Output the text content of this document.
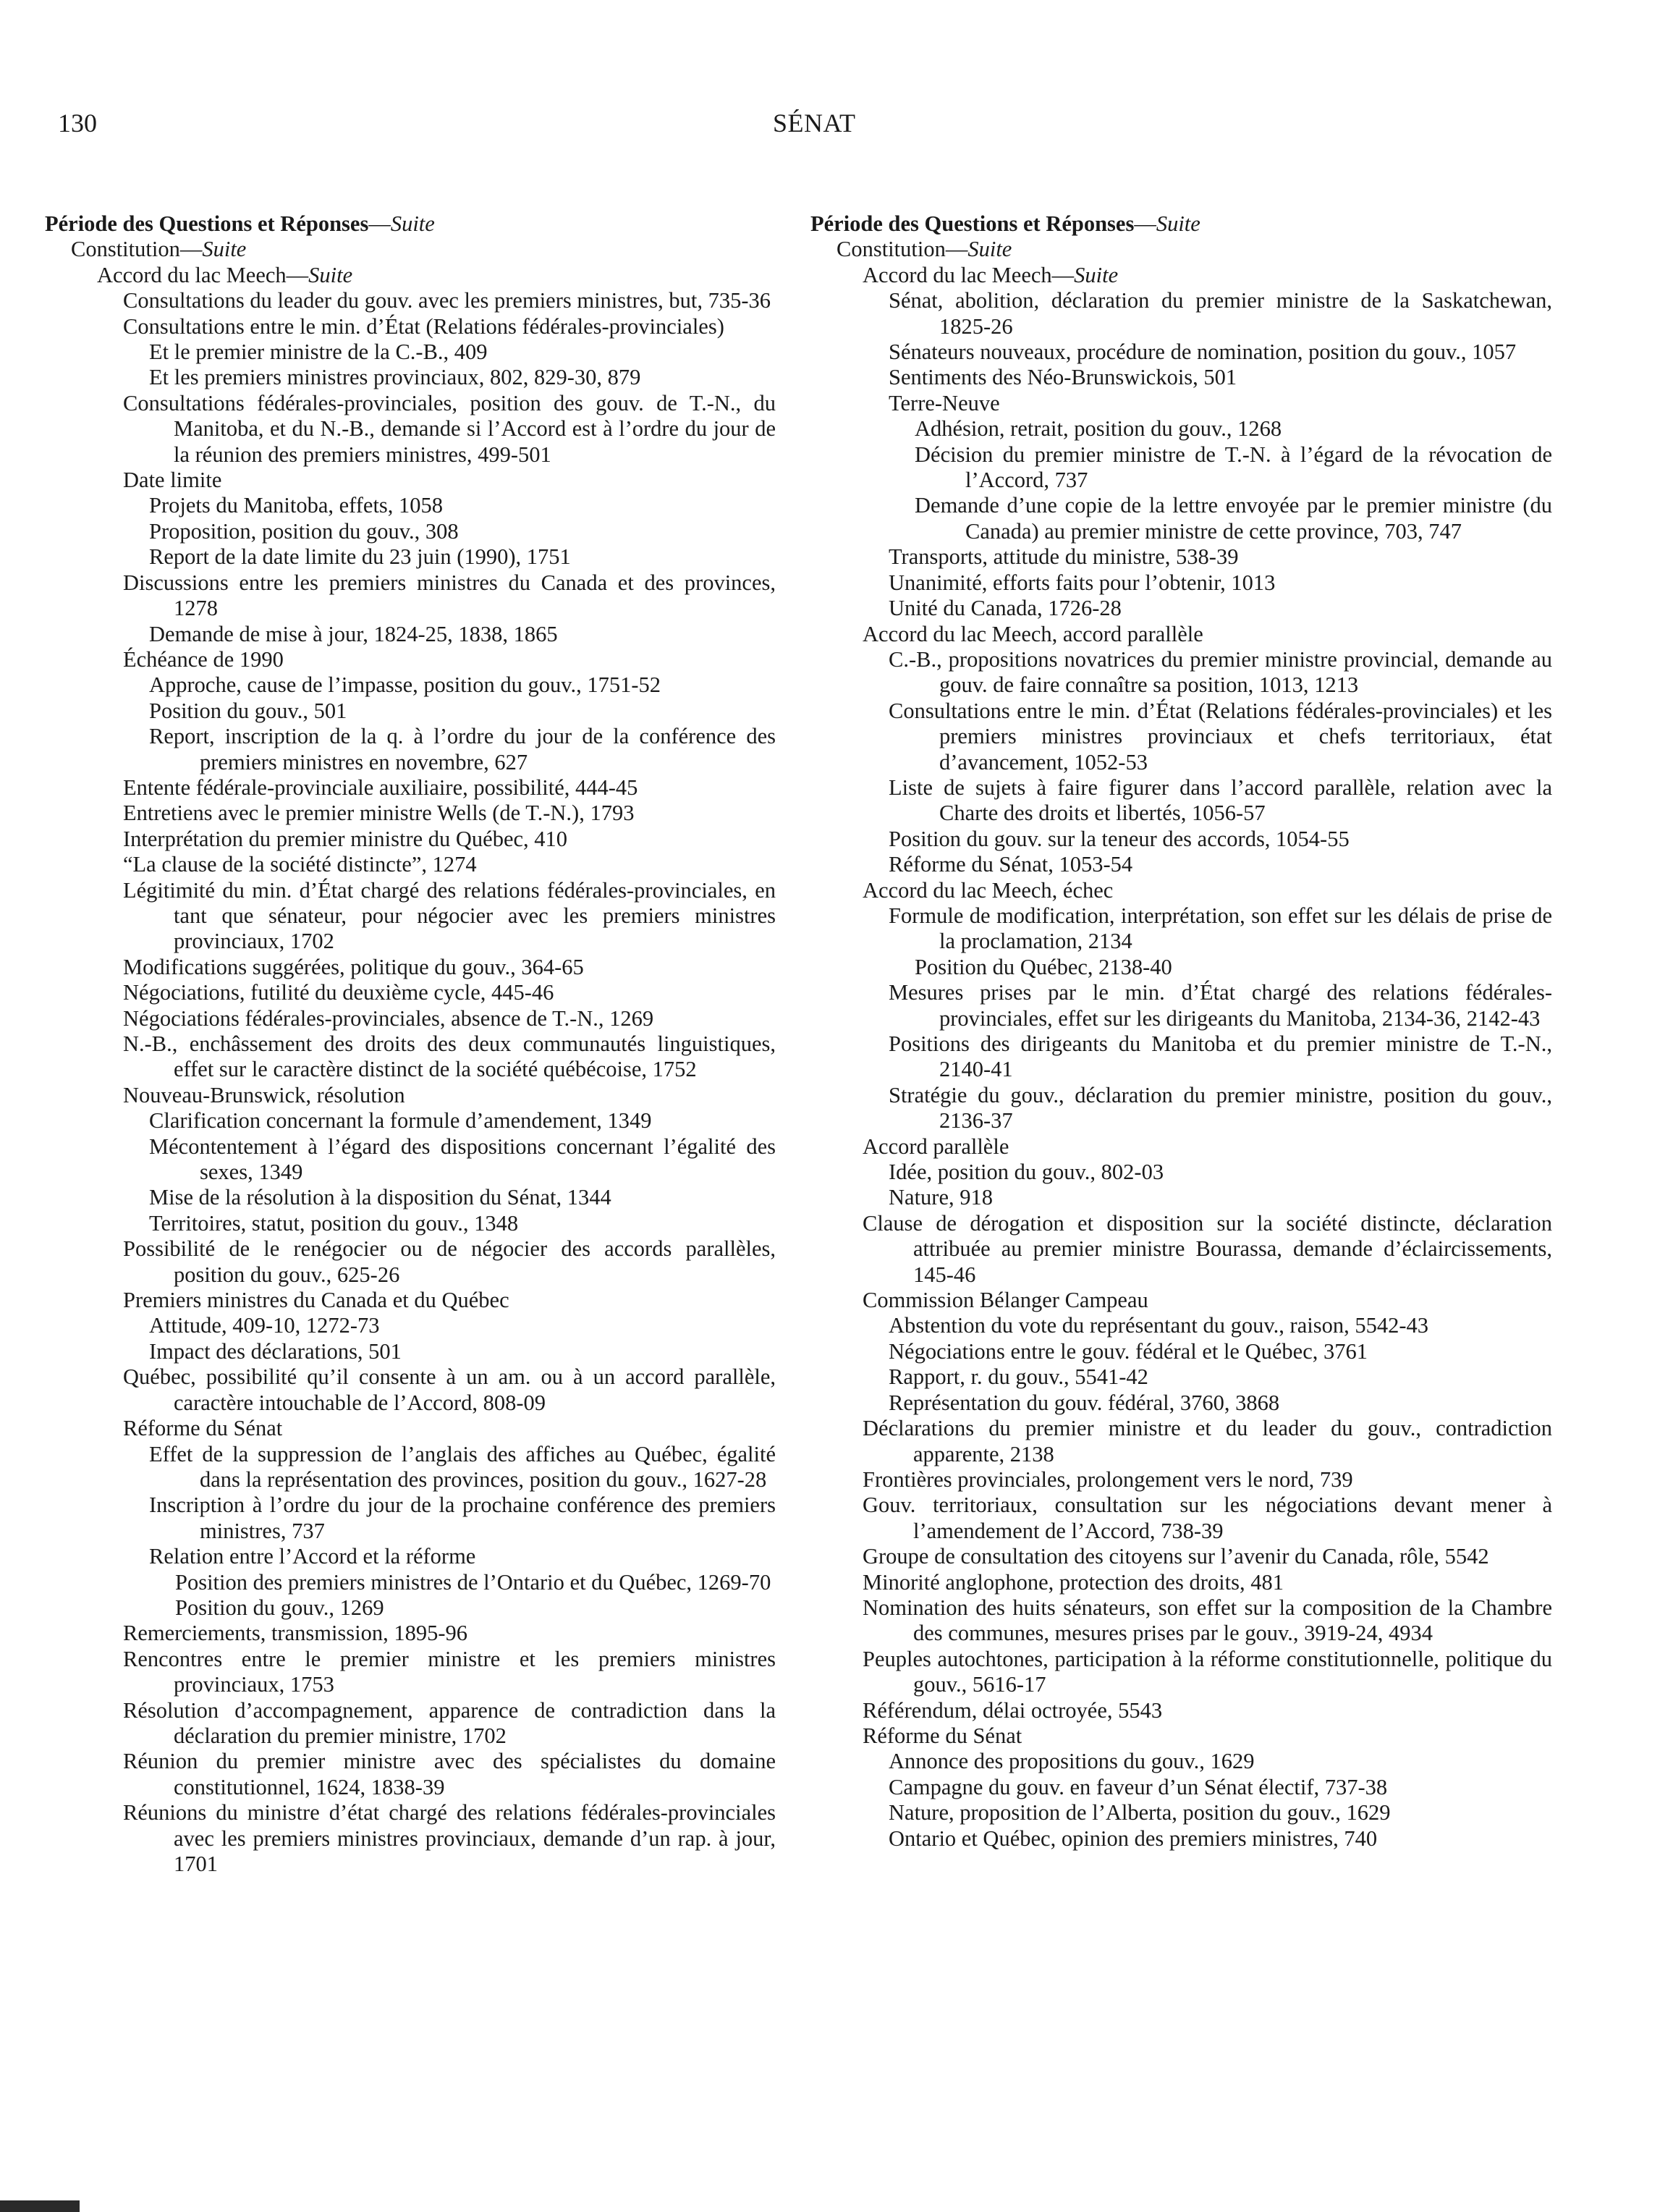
130	SÉNAT

Période des Questions et Réponses—Suite

Constitution—Suite

Accord du lac Meech—Suite

Consultations du leader du gouv. avec les premiers ministres, but, 735-36

Consultations entre le min. d’État (Relations fédérales-provinciales)

Et le premier ministre de la C.-B., 409

Et les premiers ministres provinciaux, 802, 829-30, 879

Consultations fédérales-provinciales, position des gouv. de T.-N., du Manitoba, et du N.-B., demande si l’Accord est à l’ordre du jour de la réunion des premiers ministres, 499-501

Date limite

Projets du Manitoba, effets, 1058

Proposition, position du gouv., 308

Report de la date limite du 23 juin (1990), 1751

Discussions entre les premiers ministres du Canada et des provinces, 1278

Demande de mise à jour, 1824-25, 1838, 1865

Échéance de 1990

Approche, cause de l’impasse, position du gouv., 1751-52

Position du gouv., 501

Report, inscription de la q. à l’ordre du jour de la conférence des premiers ministres en novembre, 627

Entente fédérale-provinciale auxiliaire, possibilité, 444-45

Entretiens avec le premier ministre Wells (de T.-N.), 1793

Interprétation du premier ministre du Québec, 410

“La clause de la société distincte”, 1274

Légitimité du min. d’État chargé des relations fédérales-provinciales, en tant que sénateur, pour négocier avec les premiers ministres provinciaux, 1702

Modifications suggérées, politique du gouv., 364-65

Négociations, futilité du deuxième cycle, 445-46

Négociations fédérales-provinciales, absence de T.-N., 1269

N.-B., enchâssement des droits des deux communautés linguistiques, effet sur le caractère distinct de la société québécoise, 1752

Nouveau-Brunswick, résolution

Clarification concernant la formule d’amendement, 1349

Mécontentement à l’égard des dispositions concernant l’égalité des sexes, 1349

Mise de la résolution à la disposition du Sénat, 1344

Territoires, statut, position du gouv., 1348

Possibilité de le renégocier ou de négocier des accords parallèles, position du gouv., 625-26

Premiers ministres du Canada et du Québec

Attitude, 409-10, 1272-73

Impact des déclarations, 501

Québec, possibilité qu’il consente à un am. ou à un accord parallèle, caractère intouchable de l’Accord, 808-09

Réforme du Sénat

Effet de la suppression de l’anglais des affiches au Québec, égalité dans la représentation des provinces, position du gouv., 1627-28

Inscription à l’ordre du jour de la prochaine conférence des premiers ministres, 737

Relation entre l’Accord et la réforme

Position des premiers ministres de l’Ontario et du Québec, 1269-70

Position du gouv., 1269

Remerciements, transmission, 1895-96

Rencontres entre le premier ministre et les premiers ministres provinciaux, 1753

Résolution d’accompagnement, apparence de contradiction dans la déclaration du premier ministre, 1702

Réunion du premier ministre avec des spécialistes du domaine constitutionnel, 1624, 1838-39

Réunions du ministre d’état chargé des relations fédérales-provinciales avec les premiers ministres provinciaux, demande d’un rap. à jour, 1701

Période des Questions et Réponses—Suite

Constitution—Suite

Accord du lac Meech—Suite

Sénat, abolition, déclaration du premier ministre de la Saskatchewan, 1825-26

Sénateurs nouveaux, procédure de nomination, position du gouv., 1057

Sentiments des Néo-Brunswickois, 501

Terre-Neuve

Adhésion, retrait, position du gouv., 1268

Décision du premier ministre de T.-N. à l’égard de la révocation de l’Accord, 737

Demande d’une copie de la lettre envoyée par le premier ministre (du Canada) au premier ministre de cette province, 703, 747

Transports, attitude du ministre, 538-39

Unanimité, efforts faits pour l’obtenir, 1013

Unité du Canada, 1726-28

Accord du lac Meech, accord parallèle

C.-B., propositions novatrices du premier ministre provincial, demande au gouv. de faire connaître sa position, 1013, 1213

Consultations entre le min. d’État (Relations fédérales-provinciales) et les premiers ministres provinciaux et chefs territoriaux, état d’avancement, 1052-53

Liste de sujets à faire figurer dans l’accord parallèle, relation avec la Charte des droits et libertés, 1056-57

Position du gouv. sur la teneur des accords, 1054-55

Réforme du Sénat, 1053-54

Accord du lac Meech, échec

Formule de modification, interprétation, son effet sur les délais de prise de la proclamation, 2134

Position du Québec, 2138-40

Mesures prises par le min. d’État chargé des relations fédérales-provinciales, effet sur les dirigeants du Manitoba, 2134-36, 2142-43

Positions des dirigeants du Manitoba et du premier ministre de T.-N., 2140-41

Stratégie du gouv., déclaration du premier ministre, position du gouv., 2136-37

Accord parallèle

Idée, position du gouv., 802-03

Nature, 918

Clause de dérogation et disposition sur la société distincte, déclaration attribuée au premier ministre Bourassa, demande d’éclaircissements, 145-46

Commission Bélanger Campeau

Abstention du vote du représentant du gouv., raison, 5542-43

Négociations entre le gouv. fédéral et le Québec, 3761

Rapport, r. du gouv., 5541-42

Représentation du gouv. fédéral, 3760, 3868

Déclarations du premier ministre et du leader du gouv., contradiction apparente, 2138

Frontières provinciales, prolongement vers le nord, 739

Gouv. territoriaux, consultation sur les négociations devant mener à l’amendement de l’Accord, 738-39

Groupe de consultation des citoyens sur l’avenir du Canada, rôle, 5542

Minorité anglophone, protection des droits, 481

Nomination des huits sénateurs, son effet sur la composition de la Chambre des communes, mesures prises par le gouv., 3919-24, 4934

Peuples autochtones, participation à la réforme constitutionnelle, politique du gouv., 5616-17

Référendum, délai octroyée, 5543

Réforme du Sénat

Annonce des propositions du gouv., 1629

Campagne du gouv. en faveur d’un Sénat électif, 737-38

Nature, proposition de l’Alberta, position du gouv., 1629

Ontario et Québec, opinion des premiers ministres, 740
